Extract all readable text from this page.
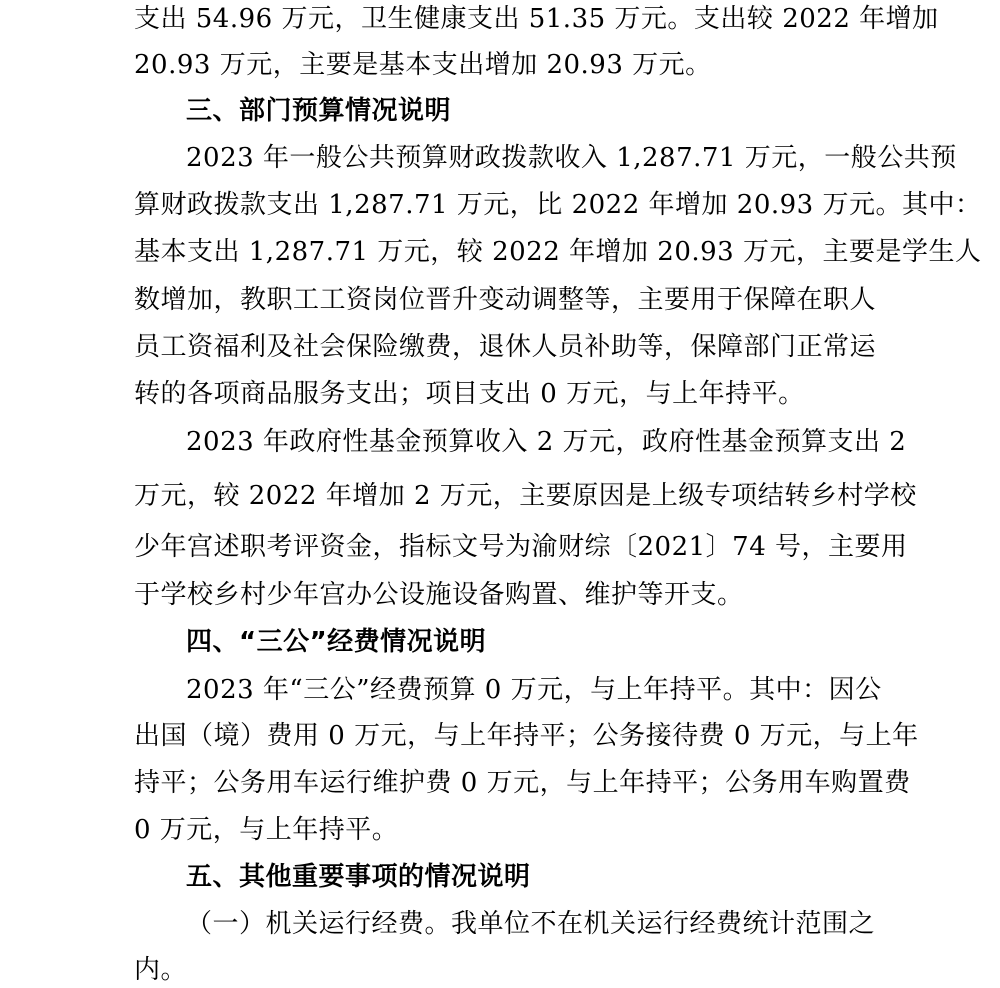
支出 54.96 万元，卫生健康支出 51.35 万元。支出较 2022 年增加
20.93 万元，主要是基本支出增加 20.93 万元。
三、部门预算情况说明
2023 年一般公共预算财政拨款收入 1,287.71 万元，一般公共预
算财政拨款支出 1,287.71 万元，比 2022 年增加 20.93 万元。其中：
基本支出 1,287.71 万元，较 2022 年增加 20.93 万元，主要是学生人
数增加，教职工工资岗位晋升变动调整等，主要用于保障在职人
员工资福利及社会保险缴费，退休人员补助等，保障部门正常运
转的各项商品服务支出；项目支出 0 万元，与上年持平。
2023 年政府性基金预算收入 2 万元，政府性基金预算支出 2
万元，较 2022 年增加 2 万元，主要原因是上级专项结转乡村学校
少年宫述职考评资金，指标文号为渝财综〔2021〕74 号，主要用
于学校乡村少年宫办公设施设备购置、维护等开支。
四、“三公”经费情况说明
2023 年“三公”经费预算 0 万元，与上年持平。其中：因公
出国（境）费用 0 万元，与上年持平；公务接待费 0 万元，与上年
持平；公务用车运行维护费 0 万元，与上年持平；公务用车购置费
0 万元，与上年持平。
五、其他重要事项的情况说明
（一）机关运行经费。我单位不在机关运行经费统计范围之
内。
